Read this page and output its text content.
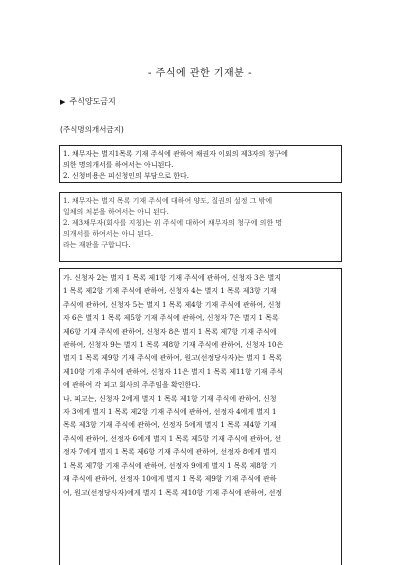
- 주식에 관한 기재분 -
▶ 주식양도금지
(주식명의개서금지)

1. 채무자는 별지1목록 기재 주식에 관하여 채권자 이외의 제3자의 청구에

의한 명의개서를 하여서는 아니된다.

2. 신청비용은 피신청인의 부담으로 한다.

1. 채무자는 별지 목록 기재 주식에 대하여 양도, 질권의 설정 그 밖에

일체의 처분을 하여서는 아니 된다.

2. 제3채무자(회사를 지칭)는 위 주식에 대하여 채무자의 청구에 의한 명

의개서를 하여서는 아니 된다.

라는 재판을 구합니다.

가. 신청자 2는 별지 1 목록 제1항 기재 주식에 관하여, 신청자 3은 별지

1 목록 제2항 기재 주식에 관하여, 신청자 4는 별지 1 목록 제3항 기재

주식에 관하여, 신청자 5는 별지 1 목록 제4항 기재 주식에 관하여, 신청

자 6은 별지 1 목록 제5항 기재 주식에 관하여, 신청자 7은 별지 1 목록

제6항 기재 주식에 관하여, 신청자 8은 별지 1 목록 제7항 기재 주식에

관하여, 신청자 9는 별지 1 목록 제8항 기재 주식에 관하여, 신청자 10은

별지 1 목록 제9항 기재 주식에 관하여, 원고(선정당사자)는 별지 1 목록

제10항 기재 주식에 관하여, 신청자 11은 별지 1 목록 제11항 기재 주식

에 관하여 각 피고 회사의 주주임을 확인한다.

나. 피고는, 신청자 2에게 별지 1 목록 제1항 기재 주식에 관하여, 신청

자 3에게 별지 1 목록 제2항 기재 주식에 관하여, 선정자 4에게 별지 1

목록 제3항 기재 주식에 관하여, 선정자 5에게 별지 1 목록 제4항 기재

주식에 관하여, 선정자 6에게 별지 1 목록 제5항 기재 주식에 관하여, 선

정자 7에게 별지 1 목록 제6항 기재 주식에 관하여, 선정자 8에게 별지

1 목록 제7항 기재 주식에 관하여, 선정자 9에게 별지 1 목록 제8항 기

재 주식에 관하여, 선정자 10에게 별지 1 목록 제9항 기재 주식에 관하

여, 원고(선정당사자)에게 별지 1 목록 제10항 기재 주식에 관하여, 선정
